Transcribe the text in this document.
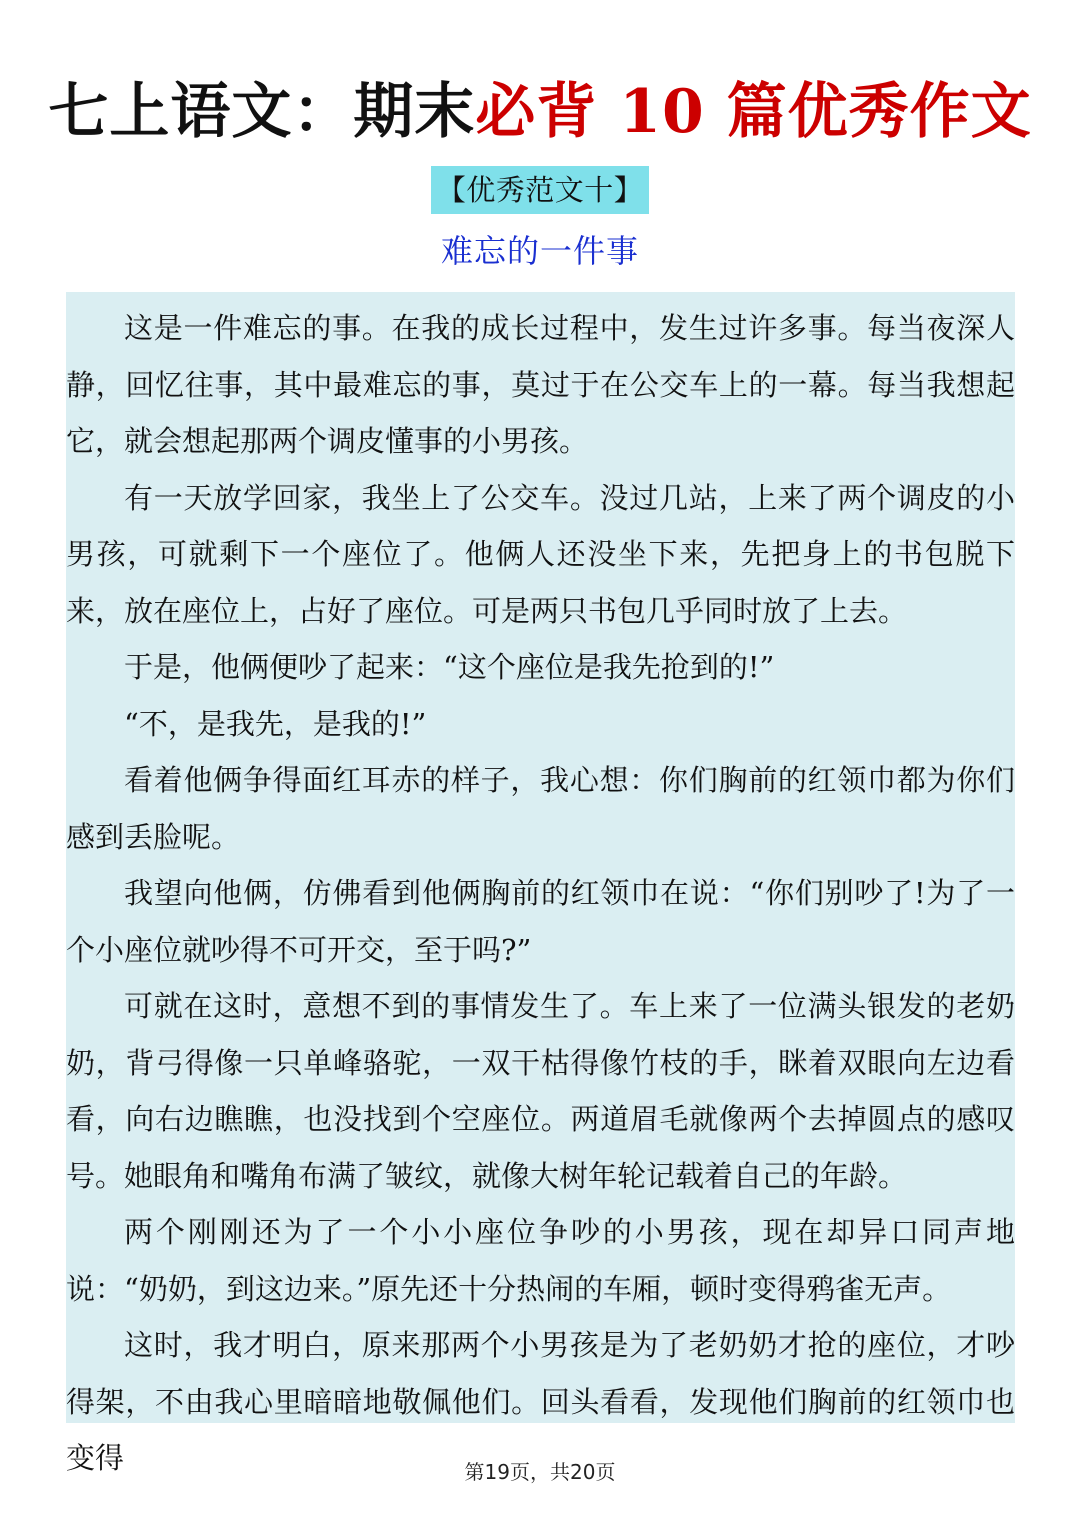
七上语文：期末必背 10 篇优秀作文
【优秀范文十】
难忘的一件事

这是一件难忘的事。在我的成长过程中，发生过许多事。每当夜深人静，回忆往事，其中最难忘的事，莫过于在公交车上的一幕。每当我想起它，就会想起那两个调皮懂事的小男孩。

有一天放学回家，我坐上了公交车。没过几站，上来了两个调皮的小男孩，可就剩下一个座位了。他俩人还没坐下来，先把身上的书包脱下来，放在座位上，占好了座位。可是两只书包几乎同时放了上去。

于是，他俩便吵了起来：“这个座位是我先抢到的!”

“不，是我先，是我的!”

看着他俩争得面红耳赤的样子，我心想：你们胸前的红领巾都为你们感到丢脸呢。

我望向他俩，仿佛看到他俩胸前的红领巾在说：“你们别吵了!为了一个小座位就吵得不可开交，至于吗?”

可就在这时，意想不到的事情发生了。车上来了一位满头银发的老奶奶，背弓得像一只单峰骆驼，一双干枯得像竹枝的手，眯着双眼向左边看看，向右边瞧瞧，也没找到个空座位。两道眉毛就像两个去掉圆点的感叹号。她眼角和嘴角布满了皱纹，就像大树年轮记载着自己的年龄。

两个刚刚还为了一个小小座位争吵的小男孩，现在却异口同声地说：“奶奶，到这边来。”原先还十分热闹的车厢，顿时变得鸦雀无声。

这时，我才明白，原来那两个小男孩是为了老奶奶才抢的座位，才吵得架，不由我心里暗暗地敬佩他们。回头看看，发现他们胸前的红领巾也变得	第19页，共20页
